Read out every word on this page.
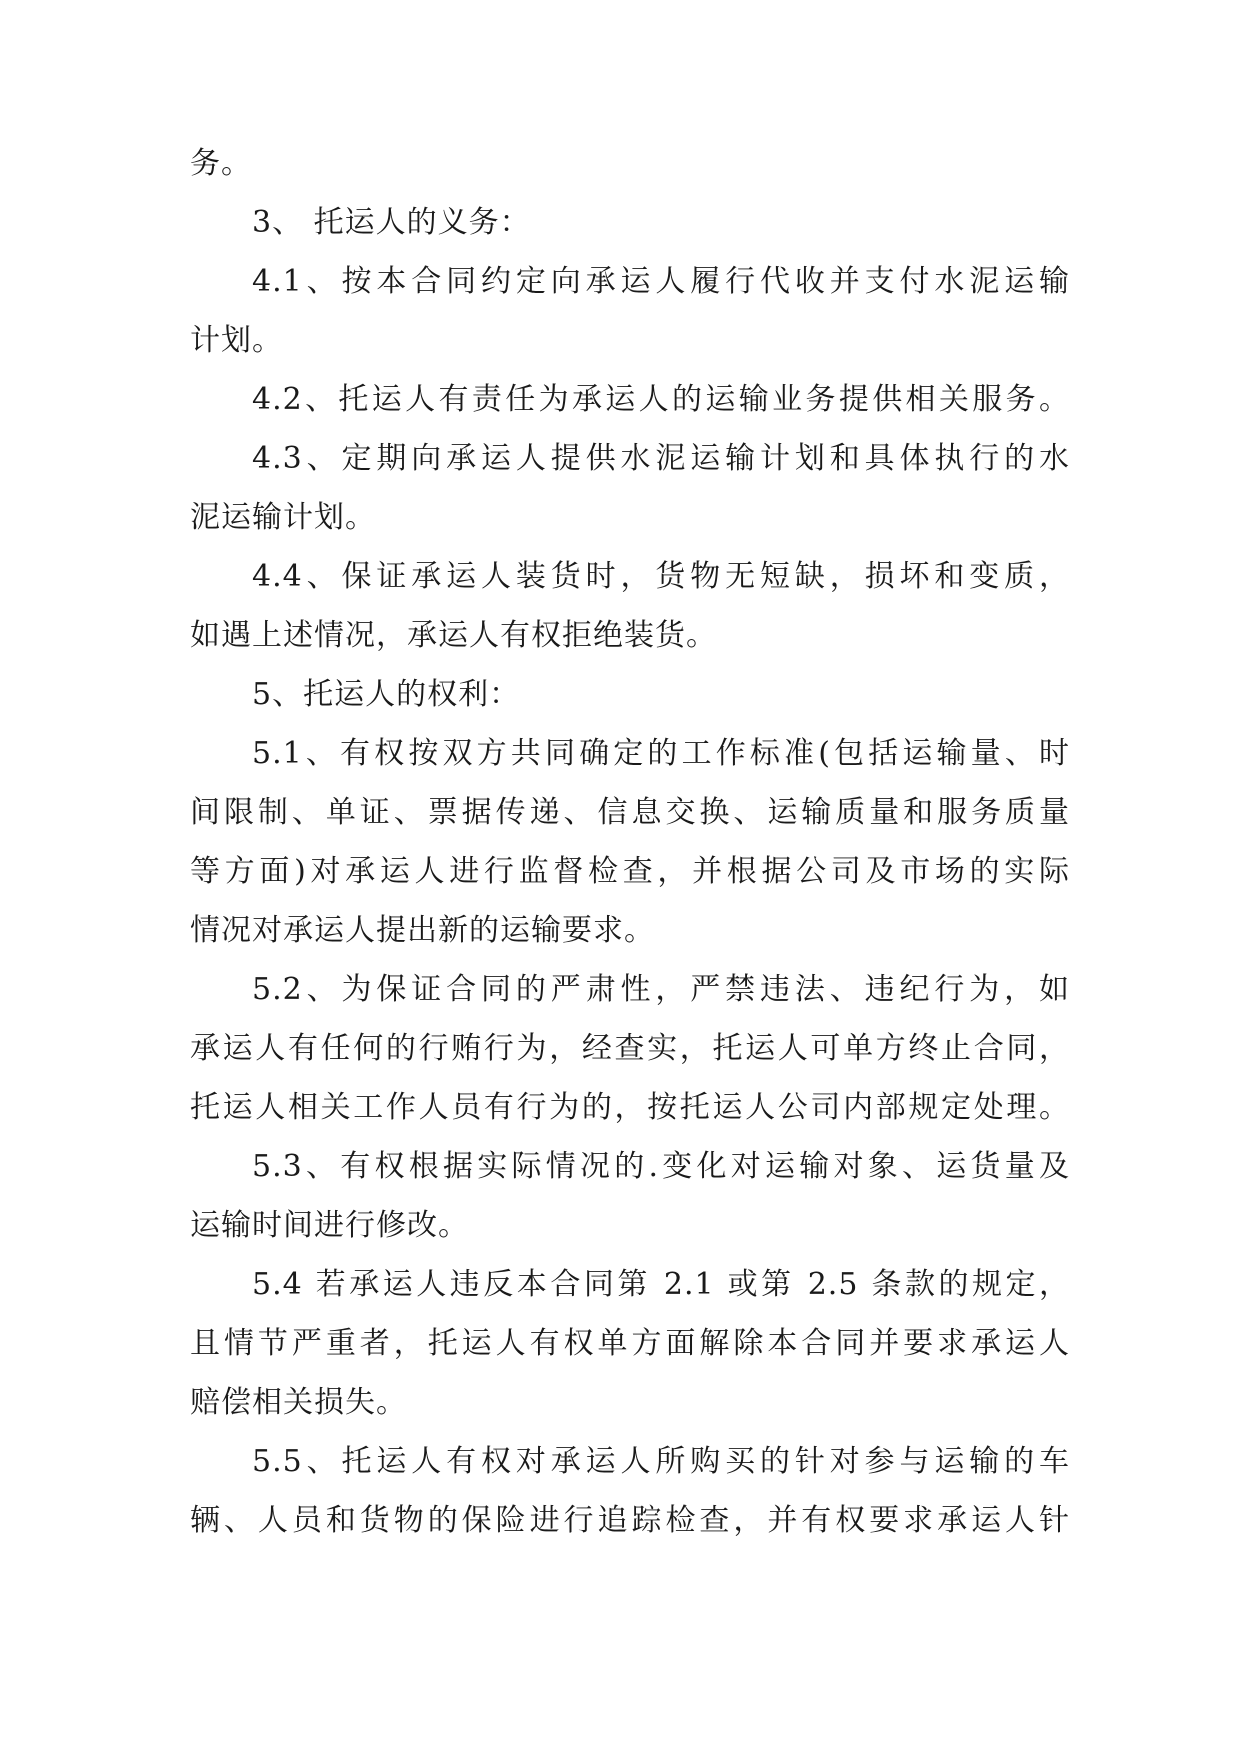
务。
3、 托运人的义务：
4.1、按本合同约定向承运人履行代收并支付水泥运输
计划。
4.2、托运人有责任为承运人的运输业务提供相关服务。
4.3、定期向承运人提供水泥运输计划和具体执行的水
泥运输计划。
4.4、保证承运人装货时，货物无短缺，损坏和变质，
如遇上述情况，承运人有权拒绝装货。
5、托运人的权利：
5.1、有权按双方共同确定的工作标准(包括运输量、时
间限制、单证、票据传递、信息交换、运输质量和服务质量
等方面)对承运人进行监督检查，并根据公司及市场的实际
情况对承运人提出新的运输要求。
5.2、为保证合同的严肃性，严禁违法、违纪行为，如
承运人有任何的行贿行为，经查实，托运人可单方终止合同，
托运人相关工作人员有行为的，按托运人公司内部规定处理。
5.3、有权根据实际情况的.变化对运输对象、运货量及
运输时间进行修改。
5.4 若承运人违反本合同第 2.1 或第 2.5 条款的规定，
且情节严重者，托运人有权单方面解除本合同并要求承运人
赔偿相关损失。
5.5、托运人有权对承运人所购买的针对参与运输的车
辆、人员和货物的保险进行追踪检查，并有权要求承运人针
